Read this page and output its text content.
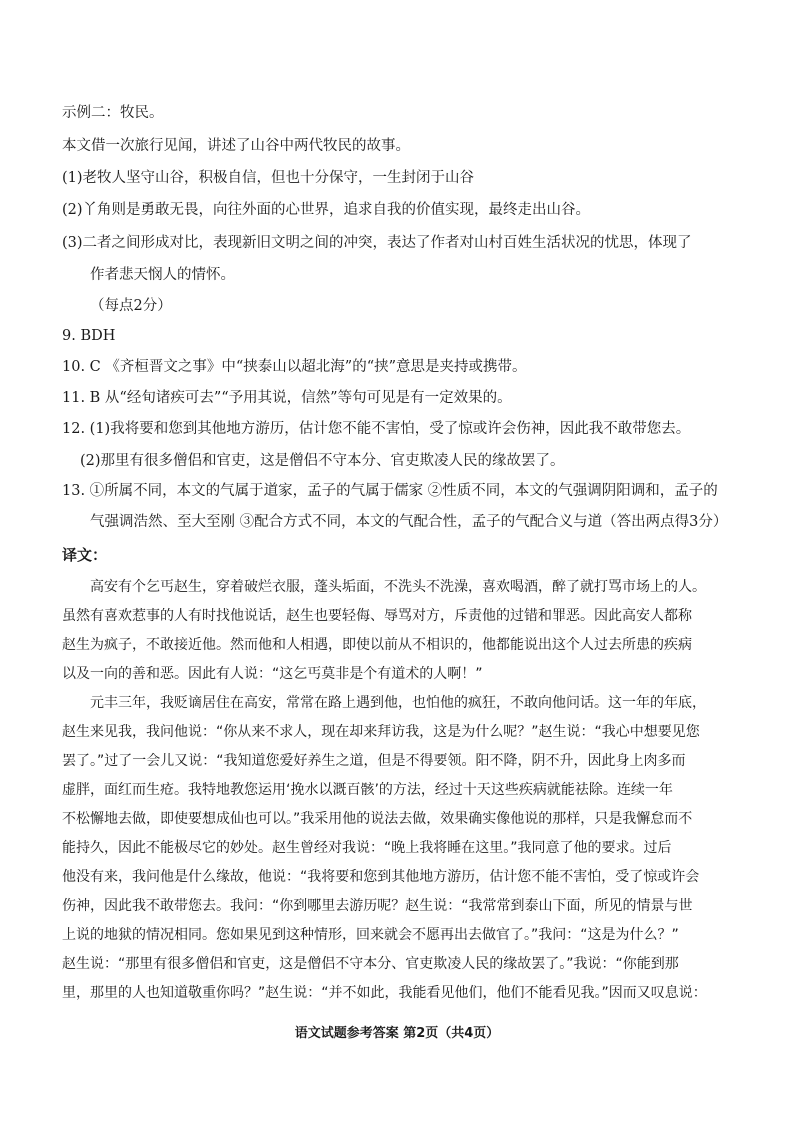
示例二：牧民。
本文借一次旅行见闻，讲述了山谷中两代牧民的故事。
(1)老牧人坚守山谷，积极自信，但也十分保守，一生封闭于山谷
(2)丫角则是勇敢无畏，向往外面的心世界，追求自我的价值实现，最终走出山谷。
(3)二者之间形成对比，表现新旧文明之间的冲突，表达了作者对山村百姓生活状况的忧思，体现了
作者悲天悯人的情怀。
（每点2分）
9. BDH
10. C 《齐桓晋文之事》中“挟泰山以超北海”的“挟”意思是夹持或携带。
11. B 从“经旬诸疾可去”“予用其说，信然”等句可见是有一定效果的。
12. (1)我将要和您到其他地方游历，估计您不能不害怕，受了惊或许会伤神，因此我不敢带您去。
(2)那里有很多僧侣和官吏，这是僧侣不守本分、官吏欺凌人民的缘故罢了。
13. ①所属不同，本文的气属于道家，孟子的气属于儒家 ②性质不同，本文的气强调阴阳调和，孟子的
气强调浩然、至大至刚 ③配合方式不同，本文的气配合性，孟子的气配合义与道（答出两点得3分）
译文：
高安有个乞丐赵生，穿着破烂衣服，蓬头垢面，不洗头不洗澡，喜欢喝酒，醉了就打骂市场上的人。
虽然有喜欢惹事的人有时找他说话，赵生也要轻侮、辱骂对方，斥责他的过错和罪恶。因此高安人都称
赵生为疯子，不敢接近他。然而他和人相遇，即使以前从不相识的，他都能说出这个人过去所患的疾病
以及一向的善和恶。因此有人说：“这乞丐莫非是个有道术的人啊！”
元丰三年，我贬谪居住在高安，常常在路上遇到他，也怕他的疯狂，不敢向他问话。这一年的年底，
赵生来见我，我问他说：“你从来不求人，现在却来拜访我，这是为什么呢？”赵生说：“我心中想要见您
罢了。”过了一会儿又说：“我知道您爱好养生之道，但是不得要领。阳不降，阴不升，因此身上肉多而
虚胖，面红而生疮。我特地教您运用‘挽水以溉百骸’的方法，经过十天这些疾病就能祛除。连续一年
不松懈地去做，即使要想成仙也可以。”我采用他的说法去做，效果确实像他说的那样，只是我懈怠而不
能持久，因此不能极尽它的妙处。赵生曾经对我说：“晚上我将睡在这里。”我同意了他的要求。过后
他没有来，我问他是什么缘故，他说：“我将要和您到其他地方游历，估计您不能不害怕，受了惊或许会
伤神，因此我不敢带您去。我问：“你到哪里去游历呢？赵生说：“我常常到泰山下面，所见的情景与世
上说的地狱的情况相同。您如果见到这种情形，回来就会不愿再出去做官了。”我问：“这是为什么？”
赵生说：“那里有很多僧侣和官吏，这是僧侣不守本分、官吏欺凌人民的缘故罢了。”我说：“你能到那
里，那里的人也知道敬重你吗？”赵生说：“并不如此，我能看见他们，他们不能看见我。”因而又叹息说：
语文试题参考答案 第2页（共4页）
